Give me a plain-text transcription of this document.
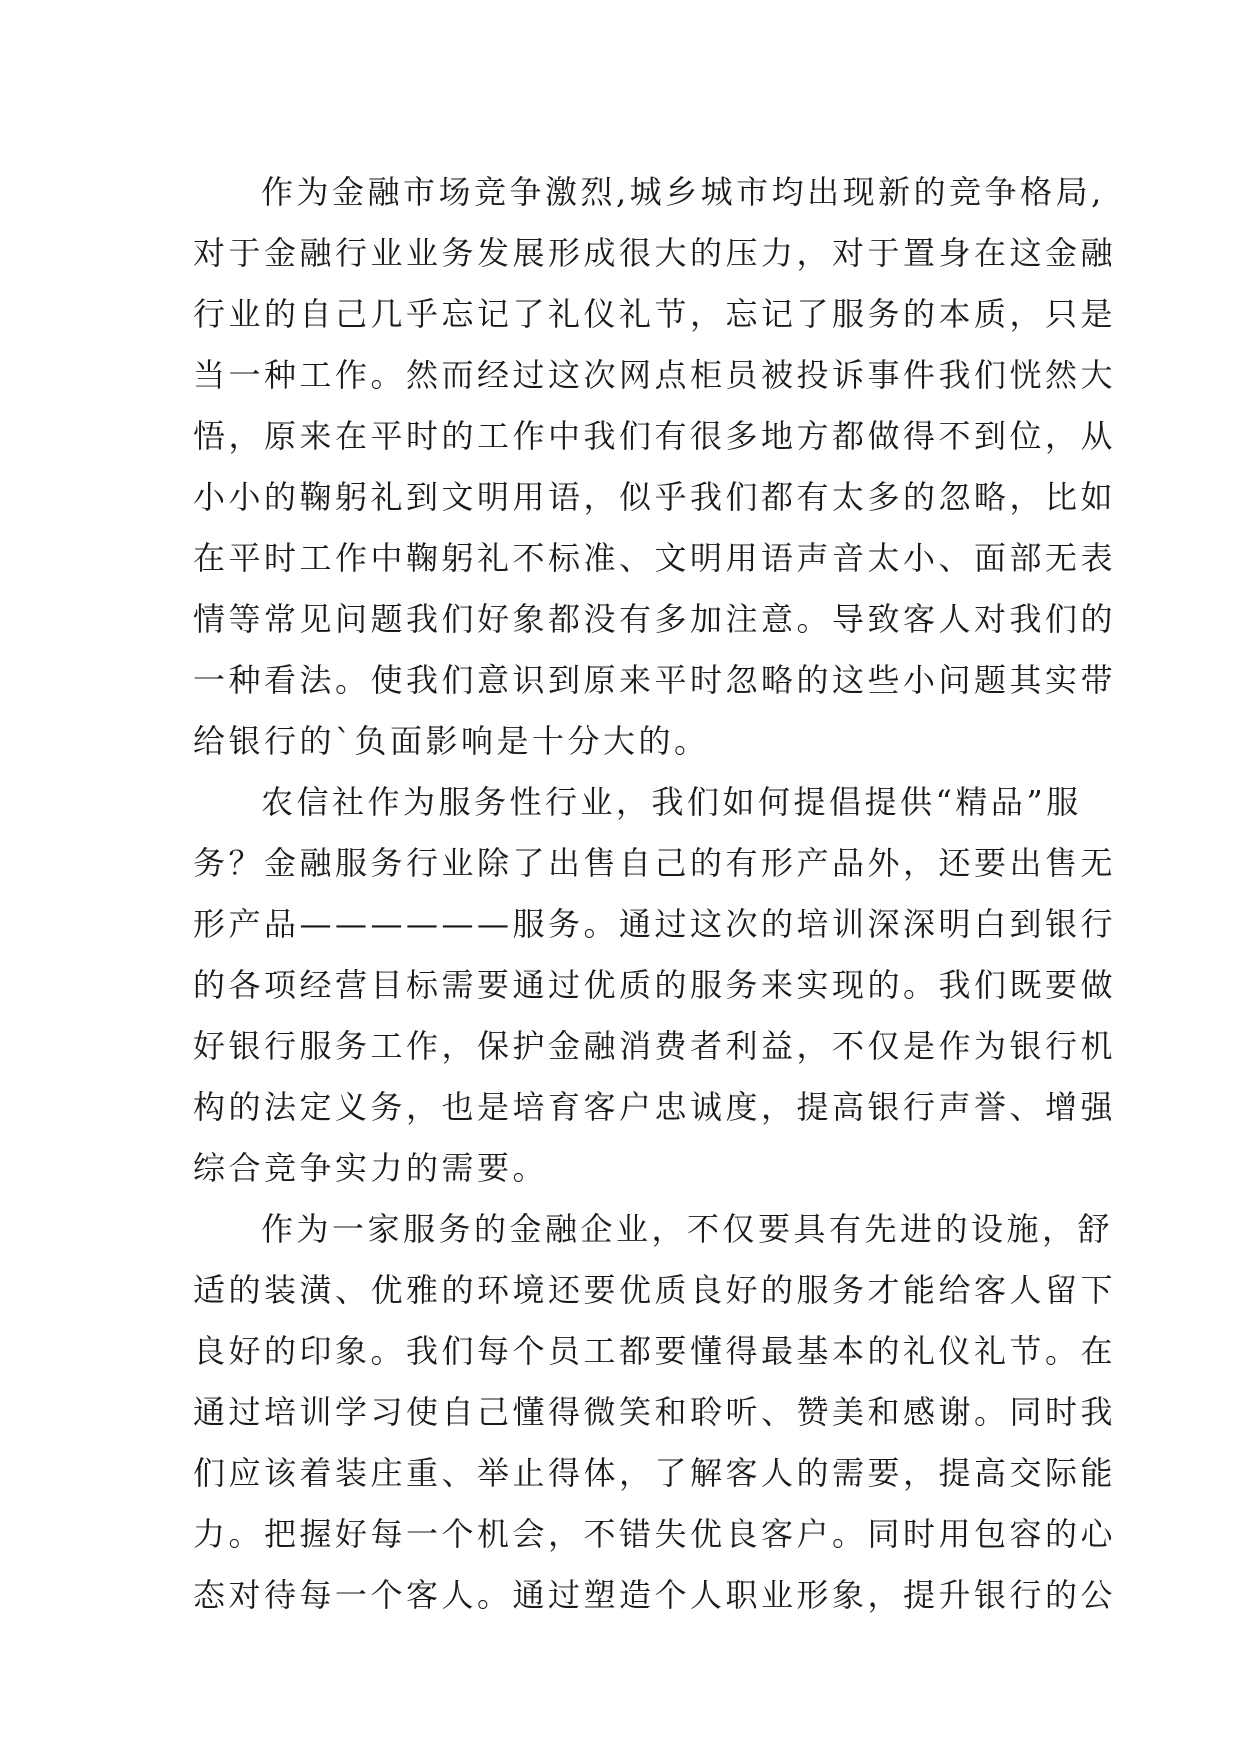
作为金融市场竞争激烈,城乡城市均出现新的竞争格局,
对于金融行业业务发展形成很大的压力，对于置身在这金融
行业的自己几乎忘记了礼仪礼节，忘记了服务的本质，只是
当一种工作。然而经过这次网点柜员被投诉事件我们恍然大
悟，原来在平时的工作中我们有很多地方都做得不到位，从
小小的鞠躬礼到文明用语，似乎我们都有太多的忽略，比如
在平时工作中鞠躬礼不标准、文明用语声音太小、面部无表
情等常见问题我们好象都没有多加注意。导致客人对我们的
一种看法。使我们意识到原来平时忽略的这些小问题其实带
给银行的`负面影响是十分大的。
农信社作为服务性行业，我们如何提倡提供“精品”服
务？金融服务行业除了出售自己的有形产品外，还要出售无
形产品——————服务。通过这次的培训深深明白到银行
的各项经营目标需要通过优质的服务来实现的。我们既要做
好银行服务工作，保护金融消费者利益，不仅是作为银行机
构的法定义务，也是培育客户忠诚度，提高银行声誉、增强
综合竞争实力的需要。
作为一家服务的金融企业，不仅要具有先进的设施，舒
适的装潢、优雅的环境还要优质良好的服务才能给客人留下
良好的印象。我们每个员工都要懂得最基本的礼仪礼节。在
通过培训学习使自己懂得微笑和聆听、赞美和感谢。同时我
们应该着装庄重、举止得体，了解客人的需要，提高交际能
力。把握好每一个机会，不错失优良客户。同时用包容的心
态对待每一个客人。通过塑造个人职业形象，提升银行的公
